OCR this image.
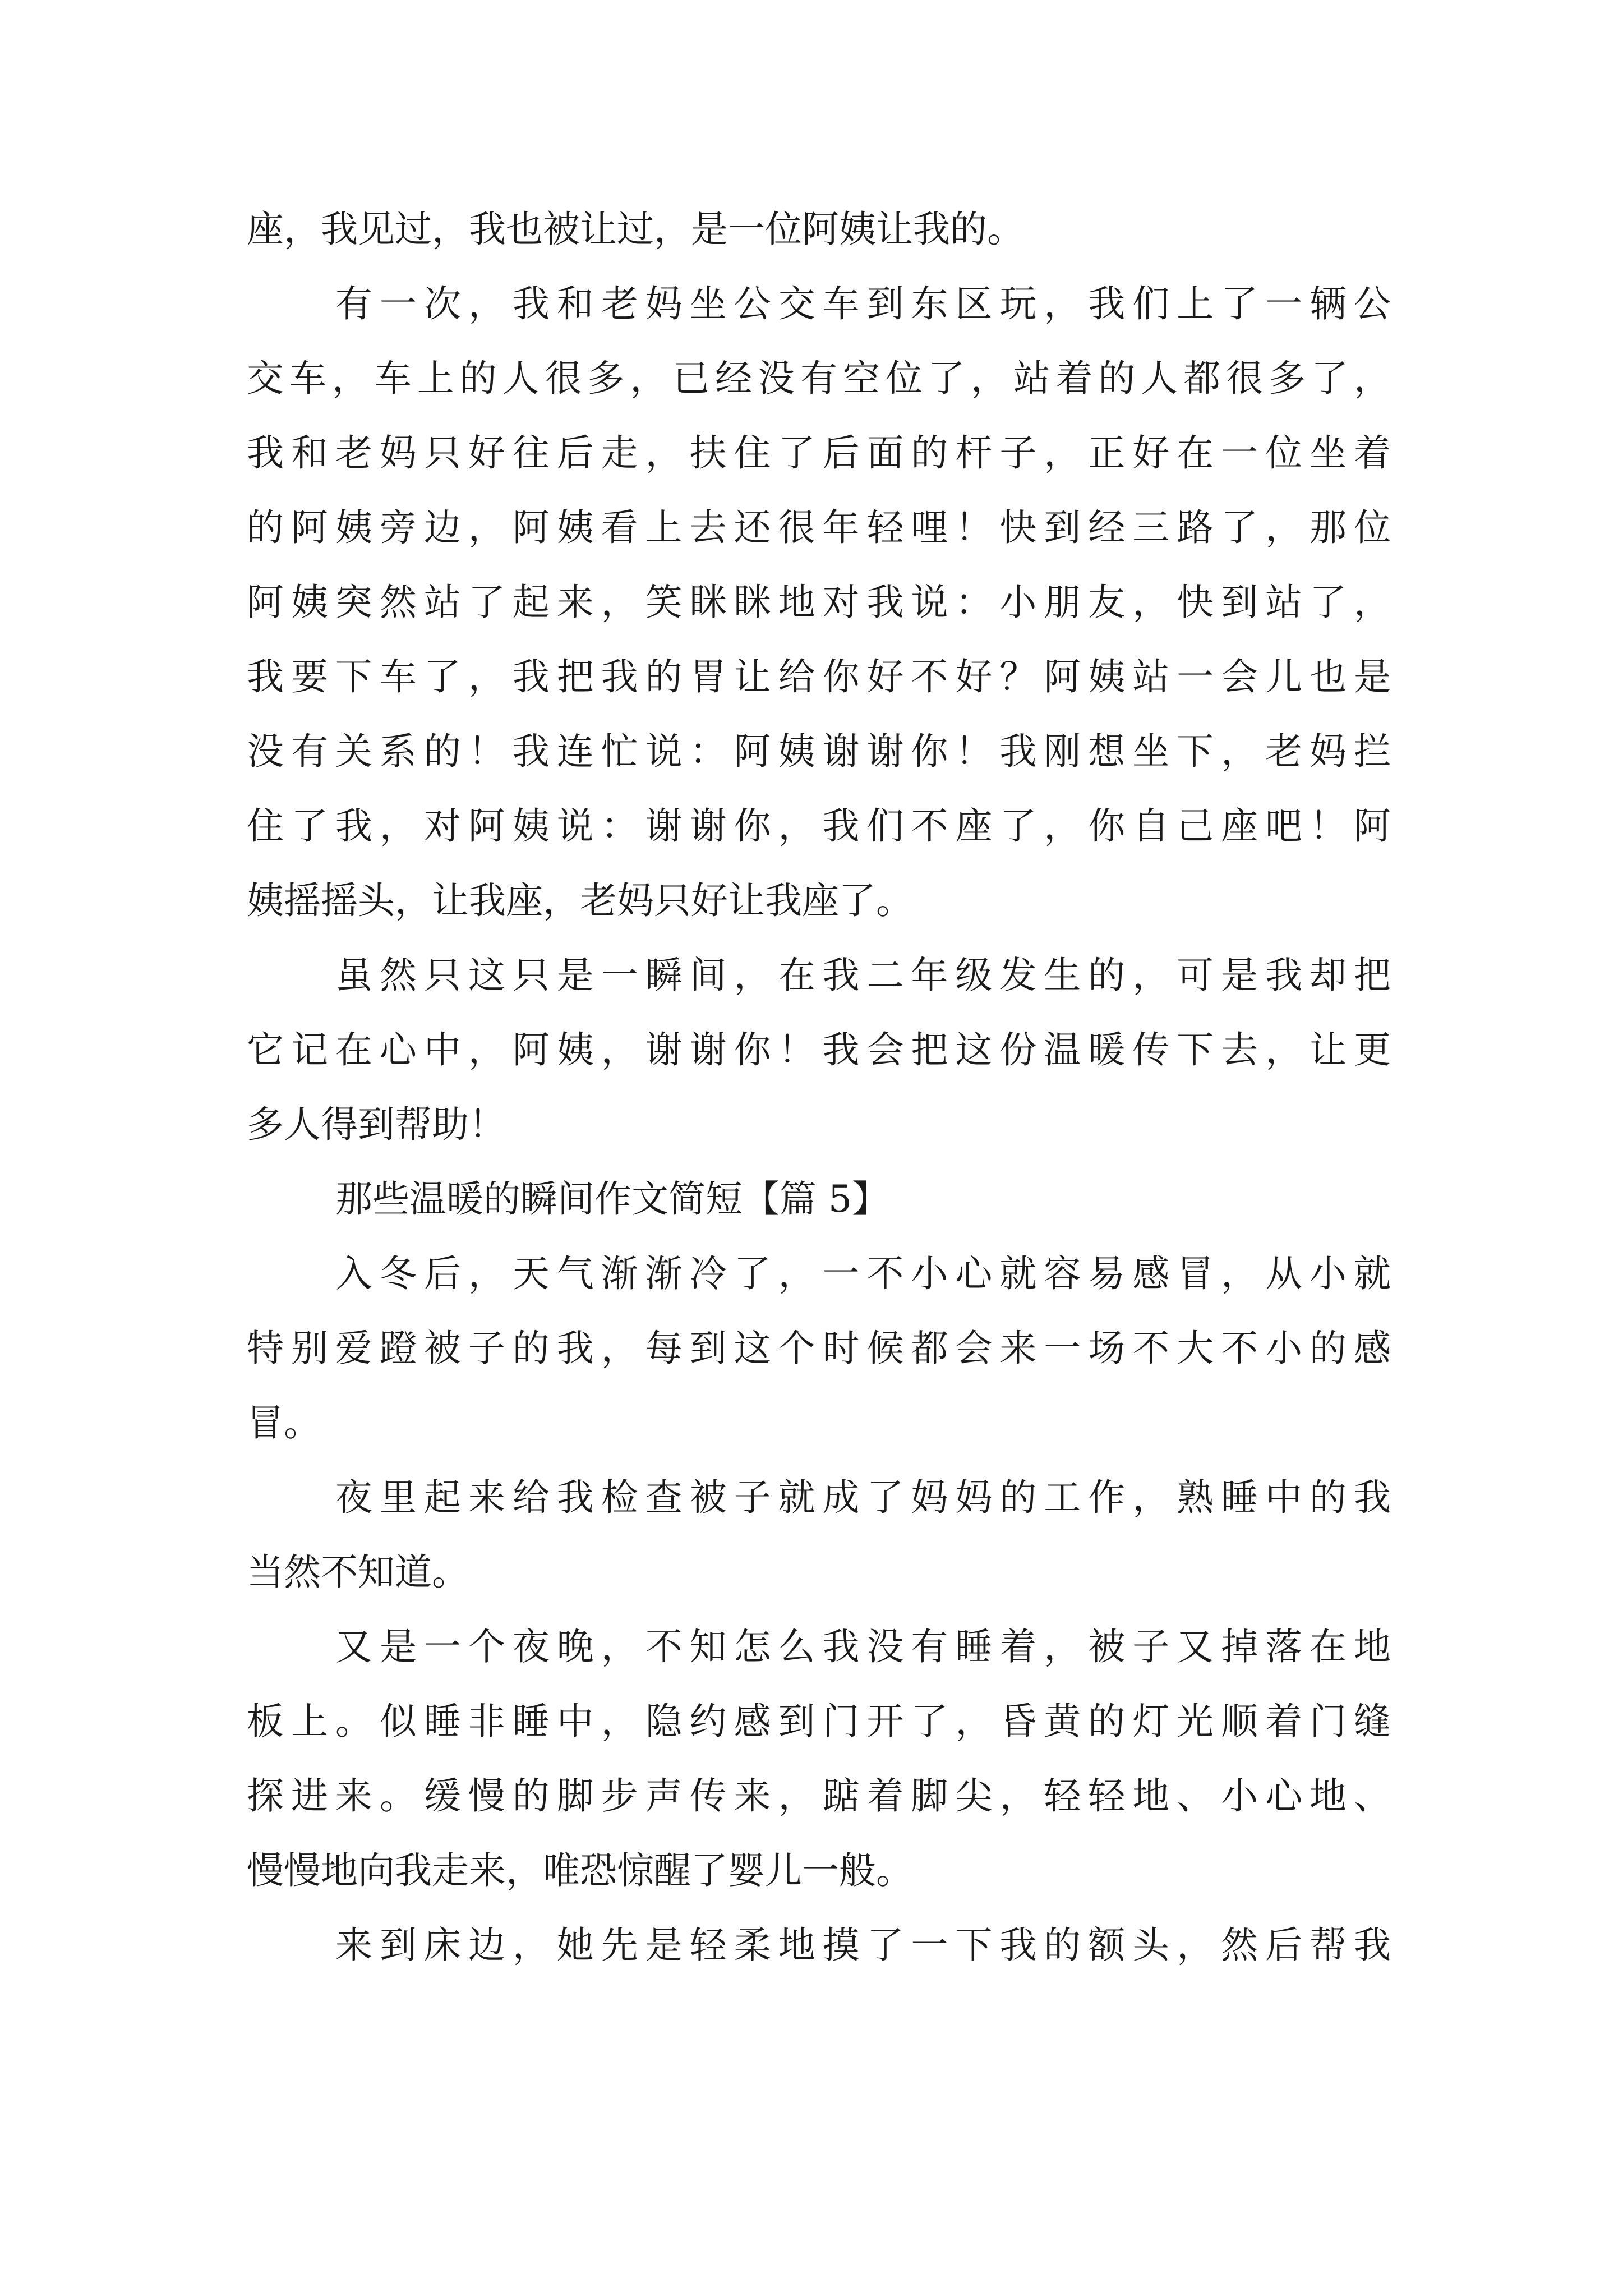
座，我见过，我也被让过，是一位阿姨让我的。
有一次，我和老妈坐公交车到东区玩，我们上了一辆公
交车，车上的人很多，已经没有空位了，站着的人都很多了，
我和老妈只好往后走，扶住了后面的杆子，正好在一位坐着
的阿姨旁边，阿姨看上去还很年轻哩！快到经三路了，那位
阿姨突然站了起来，笑眯眯地对我说：小朋友，快到站了，
我要下车了，我把我的胃让给你好不好？阿姨站一会儿也是
没有关系的！我连忙说：阿姨谢谢你！我刚想坐下，老妈拦
住了我，对阿姨说：谢谢你，我们不座了，你自己座吧！阿
姨摇摇头，让我座，老妈只好让我座了。
虽然只这只是一瞬间，在我二年级发生的，可是我却把
它记在心中，阿姨，谢谢你！我会把这份温暖传下去，让更
多人得到帮助！
那些温暖的瞬间作文简短【篇 5】
入冬后，天气渐渐冷了，一不小心就容易感冒，从小就
特别爱蹬被子的我，每到这个时候都会来一场不大不小的感
冒。
夜里起来给我检查被子就成了妈妈的工作，熟睡中的我
当然不知道。
又是一个夜晚，不知怎么我没有睡着，被子又掉落在地
板上。似睡非睡中，隐约感到门开了，昏黄的灯光顺着门缝
探进来。缓慢的脚步声传来，踮着脚尖，轻轻地、小心地、
慢慢地向我走来，唯恐惊醒了婴儿一般。
来到床边，她先是轻柔地摸了一下我的额头，然后帮我
